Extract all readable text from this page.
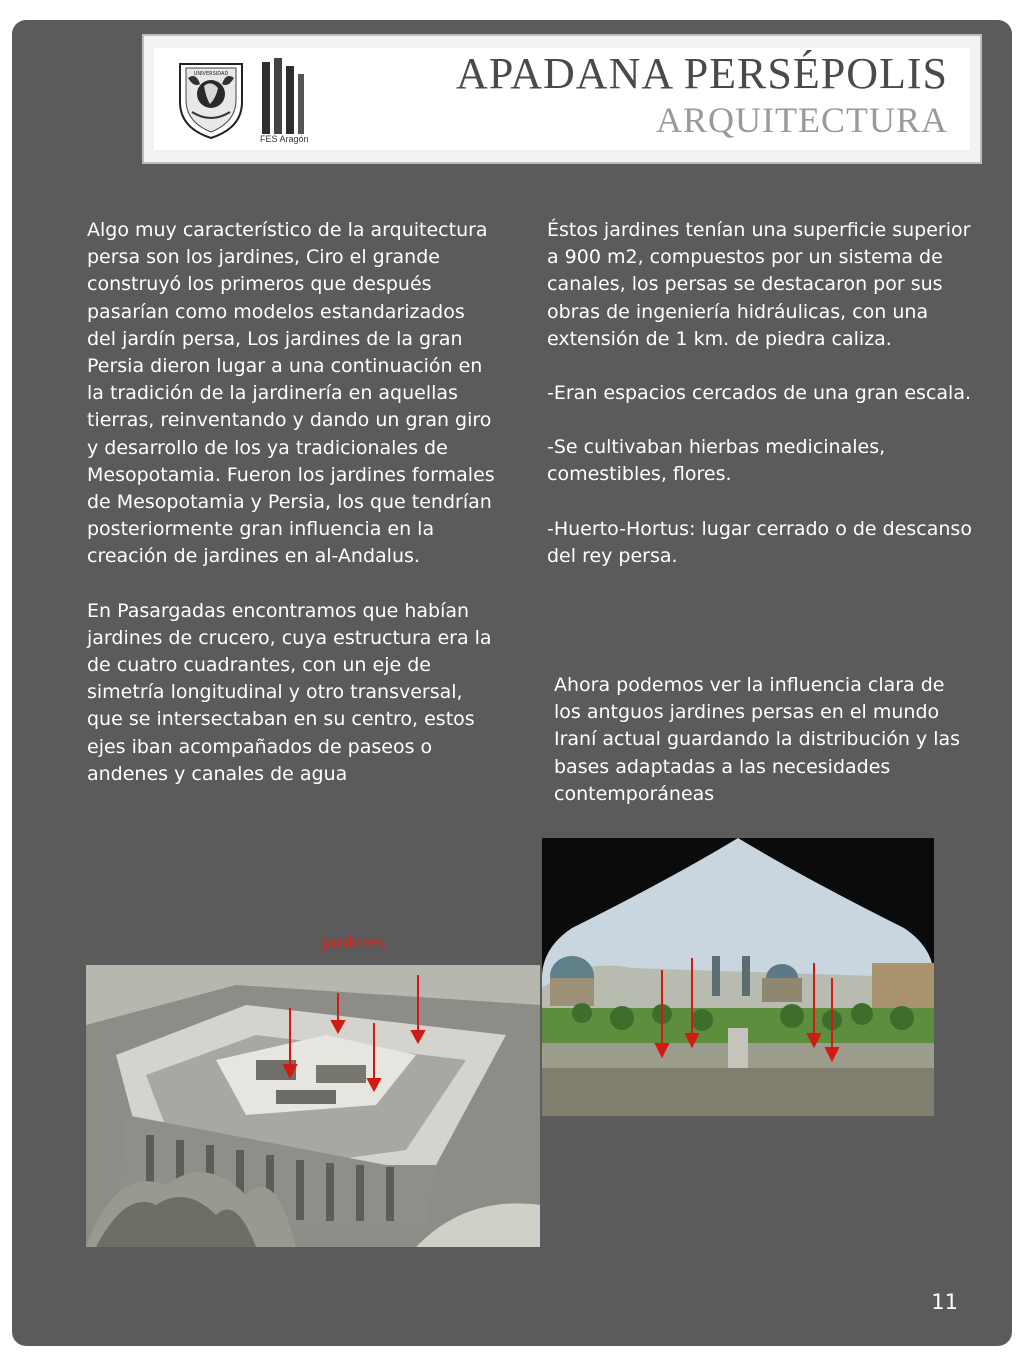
UNIVERSIDAD
FES Aragón
APADANA PERSÉPOLIS
ARQUITECTURA

Algo muy característico de la arquitectura persa son los jardines, Ciro el grande construyó los primeros que después pasarían como modelos estandarizados del jardín persa, Los jardines de la gran Persia dieron lugar a una continuación en la tradición de la jardinería en aquellas tierras, reinventando y dando un gran giro y desarrollo de los ya tradicionales de Mesopotamia. Fueron los jardines formales de Mesopotamia y Persia, los que tendrían posteriormente gran influencia en la creación de jardines en al-Andalus.

En Pasargadas encontramos que habían jardines de crucero, cuya estructura era la de cuatro cuadrantes, con un eje de simetría longitudinal y otro transversal, que se intersectaban en su centro, estos ejes iban acompañados de paseos o andenes y canales de agua

Éstos jardines tenían una superficie superior a 900 m2, compuestos por un sistema de canales, los persas se destacaron por sus obras de ingeniería hidráulicas, con una extensión de 1 km. de piedra caliza.

-Eran espacios cercados de una gran escala.

-Se cultivaban hierbas medicinales, comestibles, flores.

-Huerto-Hortus: lugar cerrado o de descanso del rey persa.

Ahora podemos ver la influencia clara de los antguos jardines persas en el mundo Iraní actual guardando la distribución y las bases adaptadas a las necesidades contemporáneas

jardines
11
